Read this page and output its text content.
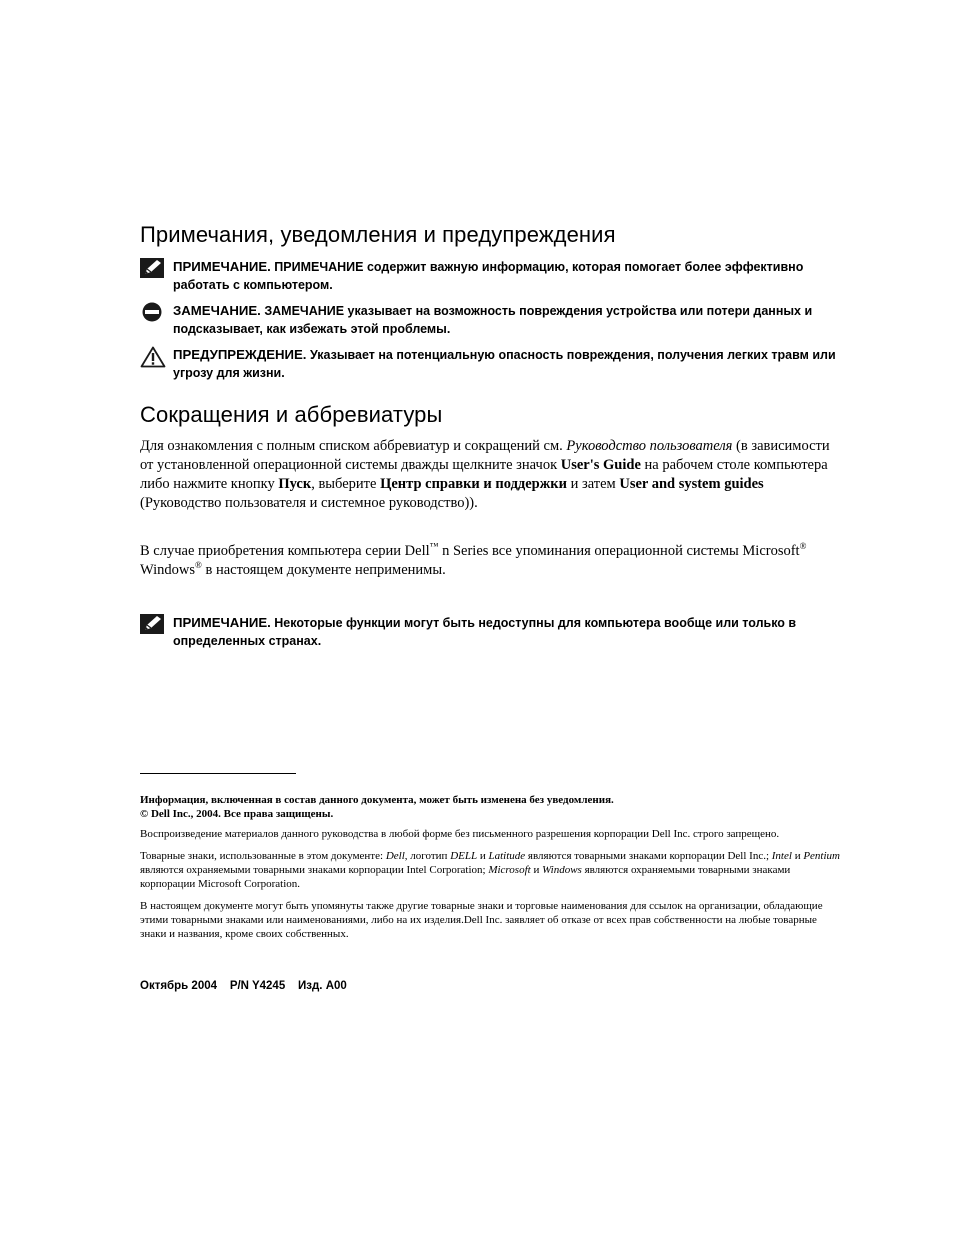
Примечания, уведомления и предупреждения
ПРИМЕЧАНИЕ. ПРИМЕЧАНИЕ содержит важную информацию, которая помогает более эффективно работать с компьютером.
ЗАМЕЧАНИЕ. ЗАМЕЧАНИЕ указывает на возможность повреждения устройства или потери данных и подсказывает, как избежать этой проблемы.
ПРЕДУПРЕЖДЕНИЕ. Указывает на потенциальную опасность повреждения, получения легких травм или угрозу для жизни.
Сокращения и аббревиатуры

Для ознакомления с полным списком аббревиатур и сокращений см. Руководство пользователя (в зависимости от установленной операционной системы дважды щелкните значок User's Guide на рабочем столе компьютера либо нажмите кнопку Пуск, выберите Центр справки и поддержки и затем User and system guides (Руководство пользователя и системное руководство)).

В случае приобретения компьютера серии Dell™ n Series все упоминания операционной системы Microsoft® Windows® в настоящем документе неприменимы.

ПРИМЕЧАНИЕ. Некоторые функции могут быть недоступны для компьютера вообще или только в определенных странах.
Информация, включенная в состав данного документа, может быть изменена без уведомления.
© Dell Inc., 2004. Все права защищены.
Воспроизведение материалов данного руководства в любой форме без письменного разрешения корпорации Dell Inc. строго запрещено.
Товарные знаки, использованные в этом документе: Dell, логотип DELL и Latitude являются товарными знаками корпорации Dell Inc.; Intel и Pentium являются охраняемыми товарными знаками корпорации Intel Corporation; Microsoft и Windows являются охраняемыми товарными знаками корпорации Microsoft Corporation.
В настоящем документе могут быть упомянуты также другие товарные знаки и торговые наименования для ссылок на организации, обладающие этими товарными знаками или наименованиями, либо на их изделия.Dell Inc. заявляет об отказе от всех прав собственности на любые товарные знаки и названия, кроме своих собственных.
Октябрь 2004 P/N Y4245 Изд. A00
